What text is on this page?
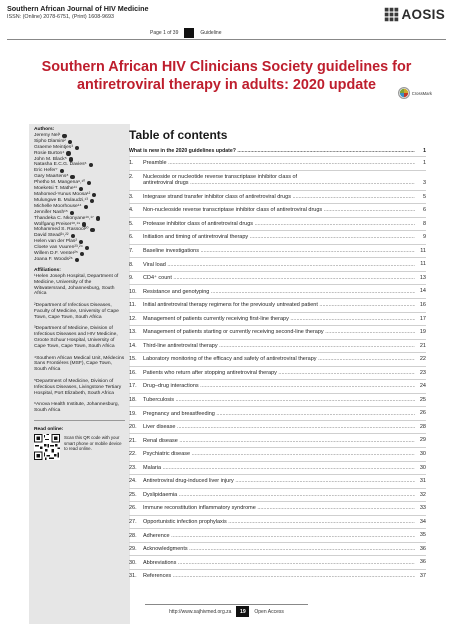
Southern African Journal of HIV Medicine
ISSN: (Online) 2078-6751, (Print) 1608-9693	AOSIS
Page 1 of 39	Guideline
Southern African HIV Clinicians Society guidelines for antiretroviral therapy in adults: 2020 update	CrossMark
Authors:
Jeremy Nel¹
Sipho Dlamini²
Graeme Meintjes³
Rosie Burton⁴
John M. Black⁵
Natasha E.C.G. Davies⁶
Eric Hefer⁷
Gary Maartens⁸
Phetho M. Mangena⁹,¹⁰
Moeketsi T. Mathe¹¹
Mahomed-Yunus Moosa¹²
Mulungwe B. Mulaudzi,¹³
Michelle Moorhouse¹⁴
Jennifer Nash¹⁵
Thandeka C. Nkonyane¹⁶,¹⁷
Wolfgang Preiser¹⁸,¹⁹
Mohammed S. Rassool²⁰
David Stead²¹,²²
Helen van der Plas²
Cloete van Vuuren²³,²⁴
Willem D.F. Venter²⁵
Joana F. Woods²⁶
Affiliations:
¹Helen Joseph Hospital, Department of Medicine, University of the Witwatersrand, Johannesburg, South Africa
²Department of Infectious Diseases, Faculty of Medicine, University of Cape Town, Cape Town, South Africa
³Department of Medicine, Division of Infectious Diseases and HIV Medicine, Groote Schuur Hospital, University of Cape Town, Cape Town, South Africa
⁴Southern African Medical Unit, Médecins Sans Frontières (MSF), Cape Town, South Africa
⁵Department of Medicine, Division of Infectious Diseases, Livingstone Tertiary Hospital, Port Elizabeth, South Africa
⁶Anova Health Institute, Johannesburg, South Africa
Read online:
Scan this QR code with your smart phone or mobile device to read online.
Table of contents
What is new in the 2020 guidelines update? .....	1
1.	Preamble .....	1
2.	Nucleoside or nucleotide reverse transcriptase inhibitor class of
antiretroviral drugs .....	3
3.	Integrase strand transfer inhibitor class of antiretroviral drugs .....	5
4.	Non-nucleoside reverse transcriptase inhibitor class of antiretroviral drugs .....	6
5.	Protease inhibitor class of antiretroviral drugs .....	8
6.	Initiation and timing of antiretroviral therapy .....	9
7.	Baseline investigations .....	11
8.	Viral load .....	11
9.	CD4⁺ count .....	13
10.	Resistance and genotyping .....	14
11.	Initial antiretroviral therapy regimens for the previously untreated patient .....	16
12.	Management of patients currently receiving first-line therapy .....	17
13.	Management of patients starting or currently receiving second-line therapy .....	19
14.	Third-line antiretroviral therapy .....	21
15.	Laboratory monitoring of the efficacy and safety of antiretroviral therapy .....	22
16.	Patients who return after stopping antiretroviral therapy .....	23
17.	Drug–drug interactions .....	24
18.	Tuberculosis .....	25
19.	Pregnancy and breastfeeding .....	26
20.	Liver disease .....	28
21.	Renal disease .....	29
22.	Psychiatric disease .....	30
23.	Malaria .....	30
24.	Antiretroviral drug-induced liver injury .....	31
25.	Dyslipidaemia .....	32
26.	Immune reconstitution inflammatory syndrome .....	33
27.	Opportunistic infection prophylaxis .....	34
28.	Adherence .....	35
29.	Acknowledgments .....	36
30.	Abbreviations .....	36
31.	References .....	37
http://www.sajhivmed.org.za	19	Open Access
